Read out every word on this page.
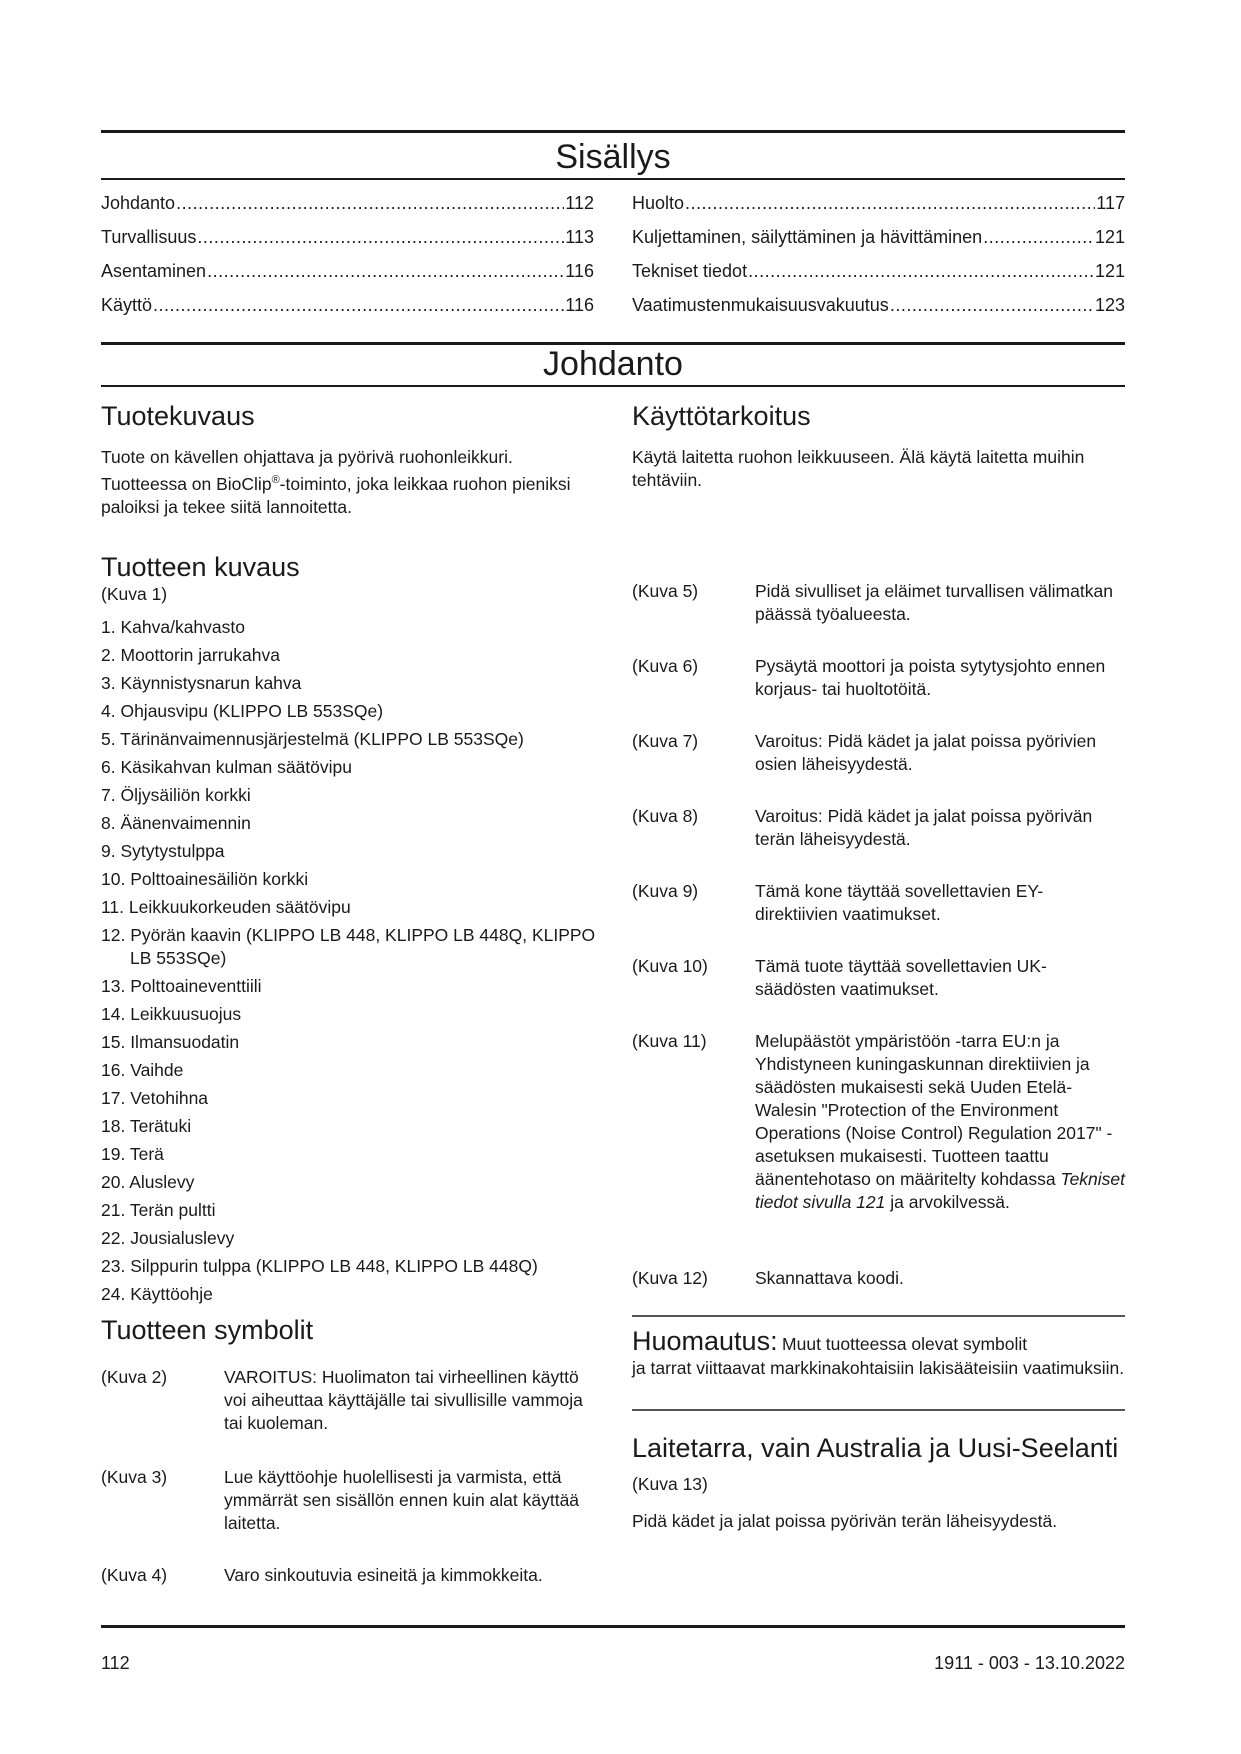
Sisällys
Johdanto .....	112
Turvallisuus .....	113
Asentaminen .....	116
Käyttö .....	116
Huolto .....	117
Kuljettaminen, säilyttäminen ja hävittäminen .....	121
Tekniset tiedot .....	121
Vaatimustenmukaisuusvakuutus .....	123
Johdanto
Tuotekuvaus
Tuote on kävellen ohjattava ja pyörivä ruohonleikkuri. Tuotteessa on BioClip®-toiminto, joka leikkaa ruohon pieniksi paloiksi ja tekee siitä lannoitetta.
Tuotteen kuvaus
(Kuva 1)
1. Kahva/kahvasto
2. Moottorin jarrukahva
3. Käynnistysnarun kahva
4. Ohjausvipu (KLIPPO LB 553SQe)
5. Tärinänvaimennusjärjestelmä (KLIPPO LB 553SQe)
6. Käsikahvan kulman säätövipu
7. Öljysäiliön korkki
8. Äänenvaimennin
9. Sytytystulppa
10. Polttoainesäiliön korkki
11. Leikkuukorkeuden säätövipu
12. Pyörän kaavin (KLIPPO LB 448, KLIPPO LB 448Q, KLIPPO LB 553SQe)
13. Polttoaineventtiili
14. Leikkuusuojus
15. Ilmansuodatin
16. Vaihde
17. Vetohihna
18. Terätuki
19. Terä
20. Aluslevy
21. Terän pultti
22. Jousialuslevy
23. Silppurin tulppa (KLIPPO LB 448, KLIPPO LB 448Q)
24. Käyttöohje
Tuotteen symbolit
(Kuva 2)	VAROITUS: Huolimaton tai virheellinen käyttö voi aiheuttaa käyttäjälle tai sivullisille vammoja tai kuoleman.
(Kuva 3)	Lue käyttöohje huolellisesti ja varmista, että ymmärrät sen sisällön ennen kuin alat käyttää laitetta.
(Kuva 4)	Varo sinkoutuvia esineitä ja kimmokkeita.
Käyttötarkoitus
Käytä laitetta ruohon leikkuuseen. Älä käytä laitetta muihin tehtäviin.
(Kuva 5)	Pidä sivulliset ja eläimet turvallisen välimatkan päässä työalueesta.
(Kuva 6)	Pysäytä moottori ja poista sytytysjohto ennen korjaus- tai huoltotöitä.
(Kuva 7)	Varoitus: Pidä kädet ja jalat poissa pyörivien osien läheisyydestä.
(Kuva 8)	Varoitus: Pidä kädet ja jalat poissa pyörivän terän läheisyydestä.
(Kuva 9)	Tämä kone täyttää sovellettavien EY-direktiivien vaatimukset.
(Kuva 10)	Tämä tuote täyttää sovellettavien UK-säädösten vaatimukset.
(Kuva 11)	Melupäästöt ympäristöön -tarra EU:n ja Yhdistyneen kuningaskunnan direktiivien ja säädösten mukaisesti sekä Uuden Etelä-Walesin "Protection of the Environment Operations (Noise Control) Regulation 2017" -asetuksen mukaisesti. Tuotteen taattu äänentehotaso on määritelty kohdassa Tekniset tiedot sivulla 121 ja arvokilvessä.
(Kuva 12)	Skannattava koodi.
Huomautus: Muut tuotteessa olevat symbolit
ja tarrat viittaavat markkinakohtaisiin lakisääteisiin vaatimuksiin.
Laitetarra, vain Australia ja Uusi-Seelanti
(Kuva 13)
Pidä kädet ja jalat poissa pyörivän terän läheisyydestä.
112	1911 - 003 - 13.10.2022
